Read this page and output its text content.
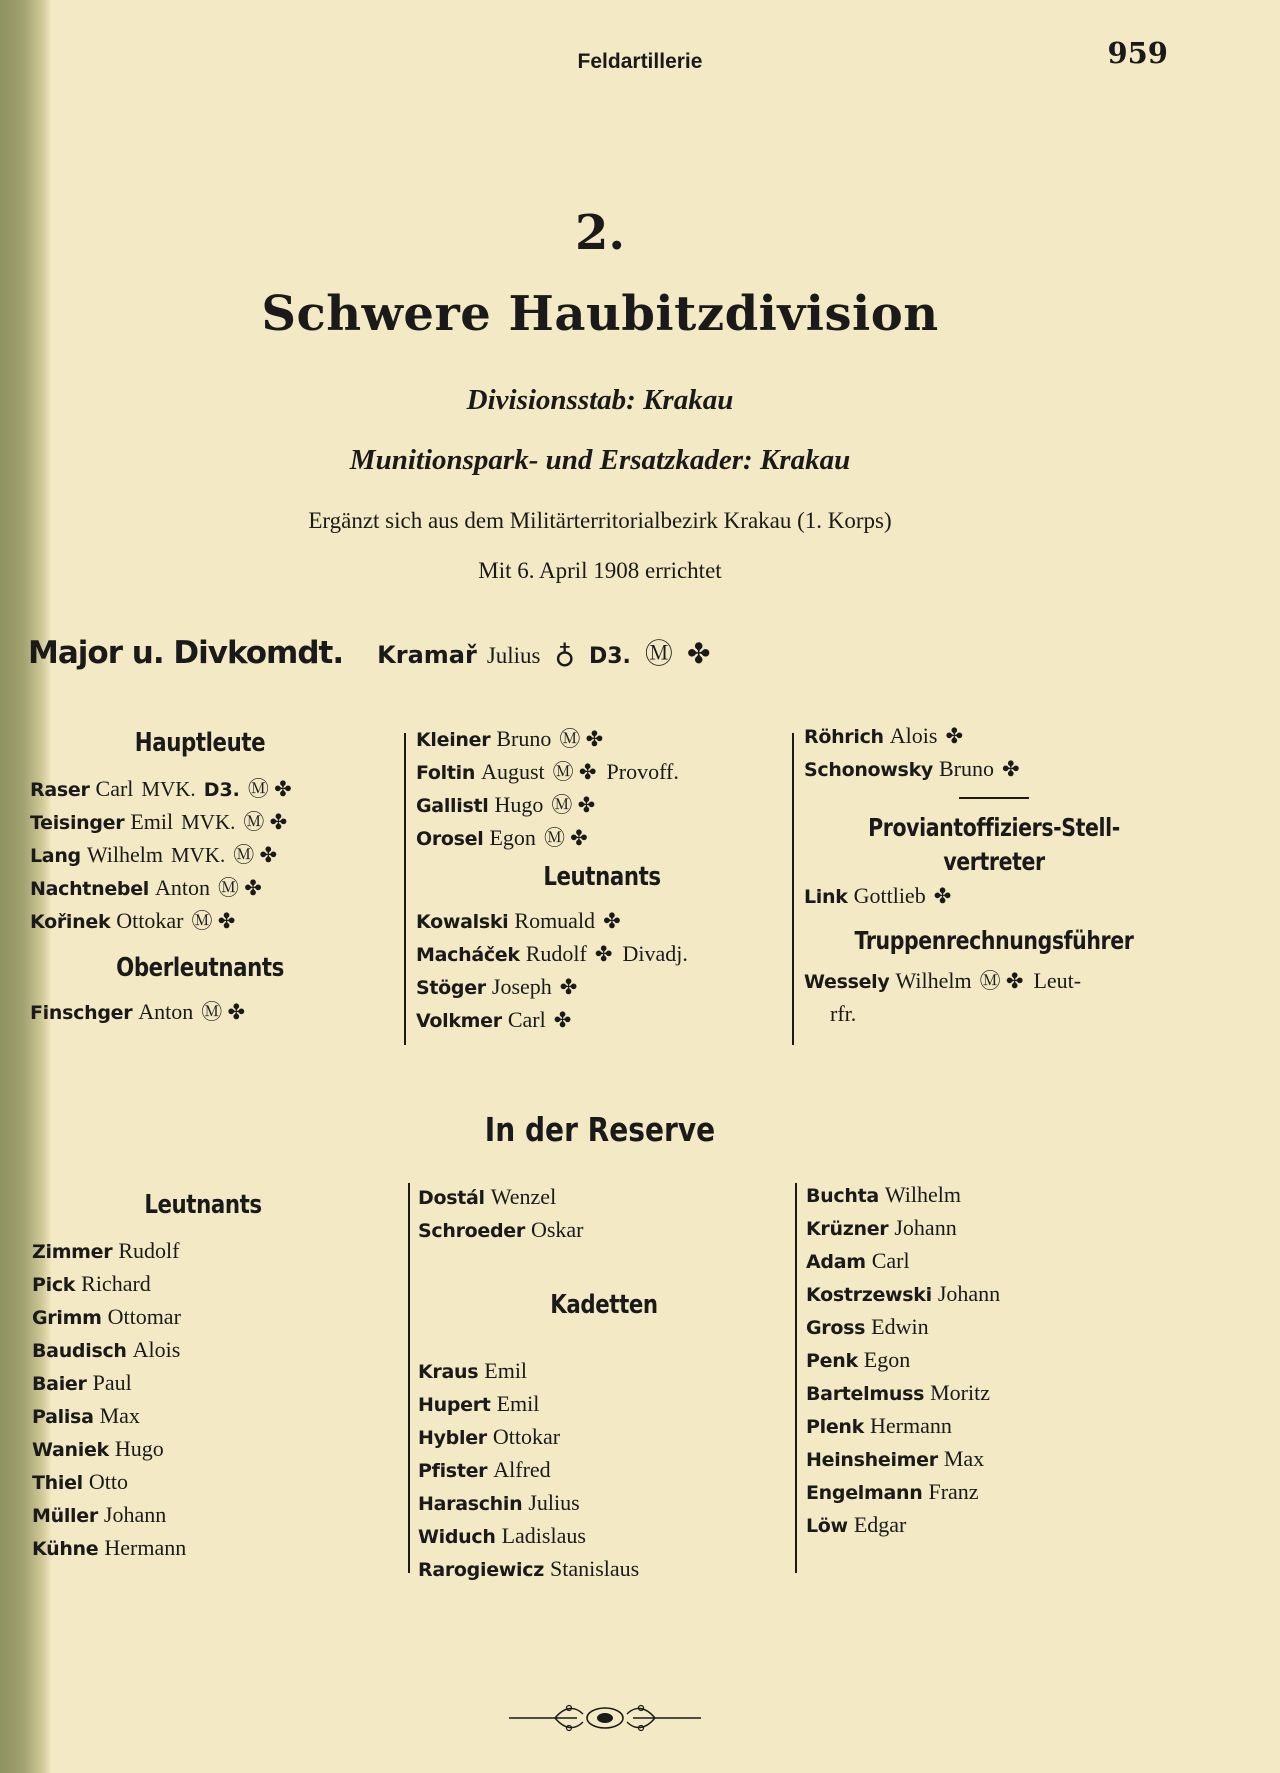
Feldartillerie	959
2.
Schwere Haubitzdivision
Divisionsstab: Krakau
Munitionspark- und Ersatzkader: Krakau
Ergänzt sich aus dem Militärterritorialbezirk Krakau (1. Korps)
Mit 6. April 1908 errichtet
Major u. Divkomdt. Kramař Julius ♁ D3. Ⓜ ✤
Hauptleute
Raser Carl MVK. D3. Ⓜ ✤
Teisinger Emil MVK. Ⓜ ✤
Lang Wilhelm MVK. Ⓜ ✤
Nachtnebel Anton Ⓜ ✤
Kořinek Ottokar Ⓜ ✤
Oberleutnants
Finschger Anton Ⓜ ✤
Kleiner Bruno Ⓜ ✤
Foltin August Ⓜ ✤ Provoff.
Gallistl Hugo Ⓜ ✤
Orosel Egon Ⓜ ✤
Leutnants
Kowalski Romuald ✤
Macháček Rudolf ✤ Divadj.
Stöger Joseph ✤
Volkmer Carl ✤
Röhrich Alois ✤
Schonowsky Bruno ✤
Proviantoffiziers-Stell-
vertreter
Link Gottlieb ✤
Truppenrechnungsführer
Wessely Wilhelm Ⓜ ✤ Leut-
rfr.
In der Reserve
Leutnants
Zimmer Rudolf
Pick Richard
Grimm Ottomar
Baudisch Alois
Baier Paul
Palisa Max
Waniek Hugo
Thiel Otto
Müller Johann
Kühne Hermann
Dostál Wenzel
Schroeder Oskar
Kadetten
Kraus Emil
Hupert Emil
Hybler Ottokar
Pfister Alfred
Haraschin Julius
Widuch Ladislaus
Rarogiewicz Stanislaus
Buchta Wilhelm
Krüzner Johann
Adam Carl
Kostrzewski Johann
Gross Edwin
Penk Egon
Bartelmuss Moritz
Plenk Hermann
Heinsheimer Max
Engelmann Franz
Löw Edgar
